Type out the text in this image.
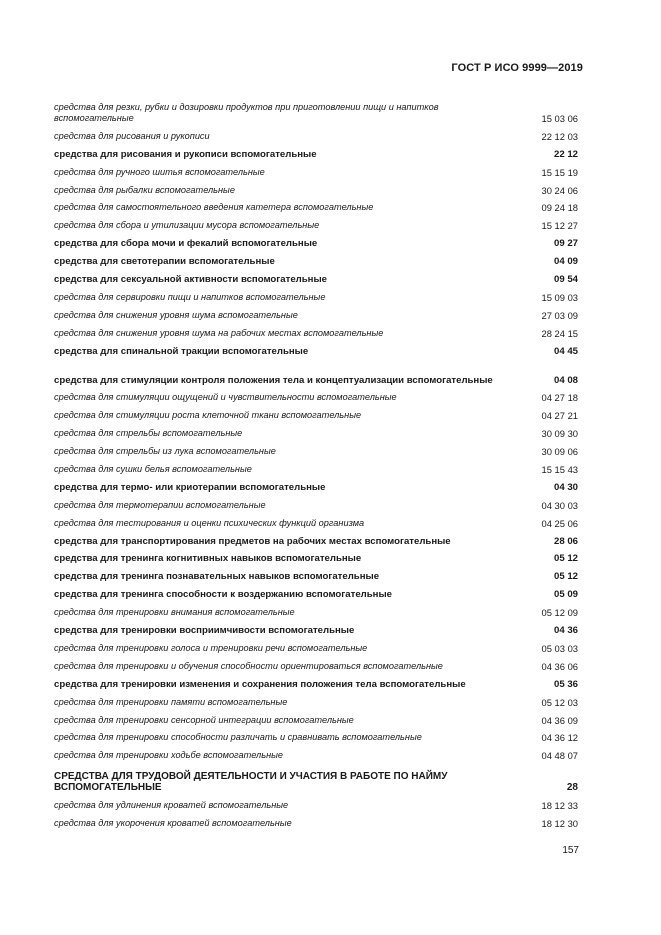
ГОСТ Р ИСО 9999—2019
средства для резки, рубки и дозировки продуктов при приготовлении пищи и напитков вспомогательные	15 03 06
средства для рисования и рукописи	22 12 03
средства для рисования и рукописи вспомогательные	22 12
средства для ручного шитья вспомогательные	15 15 19
средства для рыбалки вспомогательные	30 24 06
средства для самостоятельного введения катетера вспомогательные	09 24 18
средства для сбора и утилизации мусора вспомогательные	15 12 27
средства для сбора мочи и фекалий вспомогательные	09 27
средства для светотерапии вспомогательные	04 09
средства для сексуальной активности вспомогательные	09 54
средства для сервировки пищи и напитков вспомогательные	15 09 03
средства для снижения уровня шума вспомогательные	27 03 09
средства для снижения уровня шума на рабочих местах вспомогательные	28 24 15
средства для спинальной тракции вспомогательные	04 45
средства для стимуляции контроля положения тела и концептуализации вспомогательные	04 08
средства для стимуляции ощущений и чувствительности вспомогательные	04 27 18
средства для стимуляции роста клеточной ткани вспомогательные	04 27 21
средства для стрельбы вспомогательные	30 09 30
средства для стрельбы из лука вспомогательные	30 09 06
средства для сушки белья вспомогательные	15 15 43
средства для термо- или криотерапии вспомогательные	04 30
средства для термотерапии вспомогательные	04 30 03
средства для тестирования и оценки психических функций организма	04 25 06
средства для транспортирования предметов на рабочих местах вспомогательные	28 06
средства для тренинга когнитивных навыков вспомогательные	05 12
средства для тренинга познавательных навыков вспомогательные	05 12
средства для тренинга способности к воздержанию вспомогательные	05 09
средства для тренировки внимания вспомогательные	05 12 09
средства для тренировки восприимчивости вспомогательные	04 36
средства для тренировки голоса и тренировки речи вспомогательные	05 03 03
средства для тренировки и обучения способности ориентироваться вспомогательные	04 36 06
средства для тренировки изменения и сохранения положения тела вспомогательные	05 36
средства для тренировки памяти вспомогательные	05 12 03
средства для тренировки сенсорной интеграции вспомогательные	04 36 09
средства для тренировки способности различать и сравнивать вспомогательные	04 36 12
средства для тренировки ходьбе вспомогательные	04 48 07
СРЕДСТВА ДЛЯ ТРУДОВОЙ ДЕЯТЕЛЬНОСТИ И УЧАСТИЯ В РАБОТЕ ПО НАЙМУ ВСПОМОГАТЕЛЬНЫЕ	28
средства для удлинения кроватей вспомогательные	18 12 33
средства для укорочения кроватей вспомогательные	18 12 30
157
